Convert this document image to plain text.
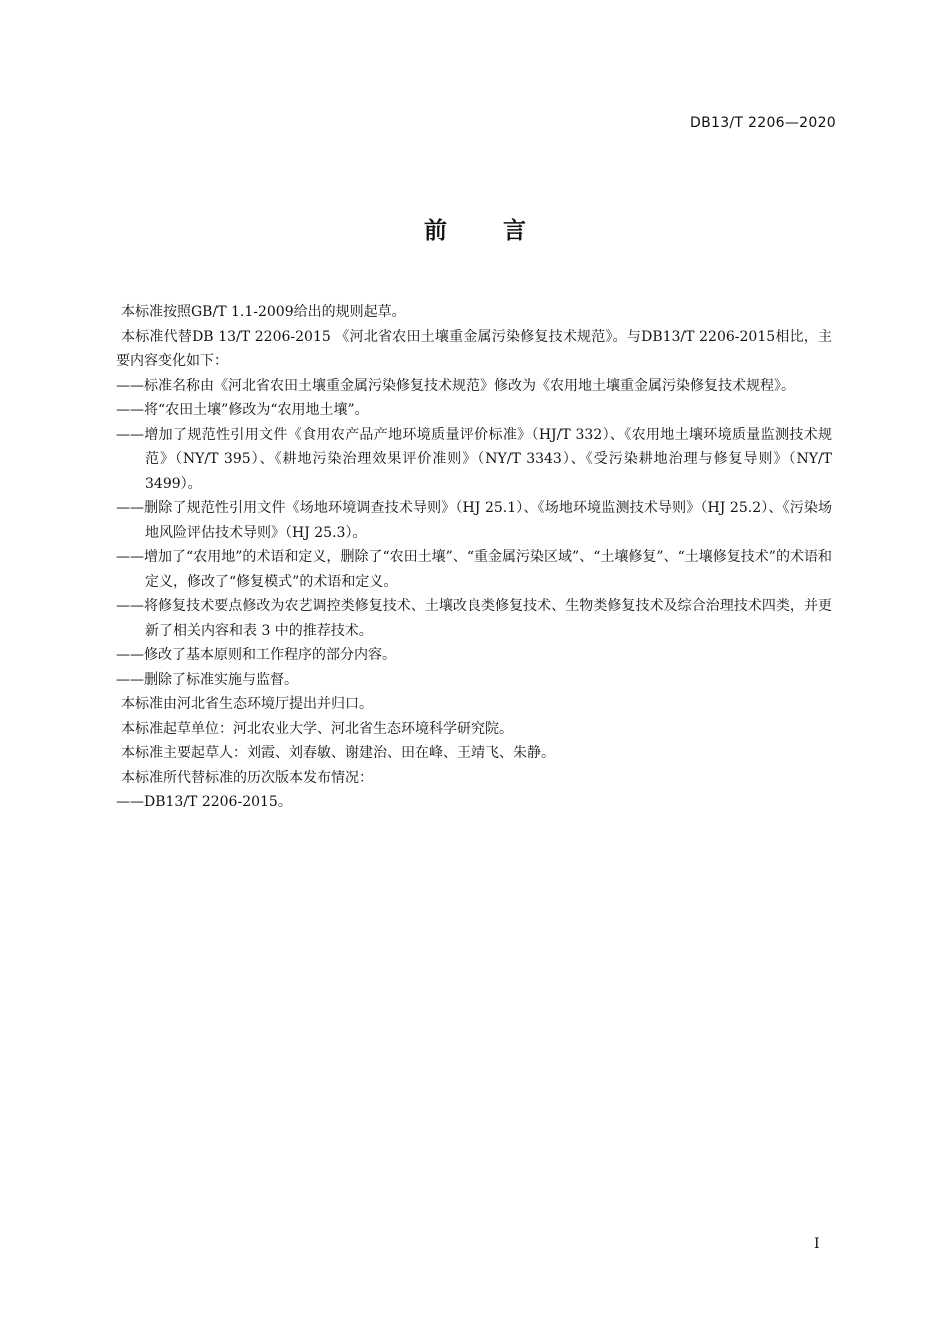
DB13/T 2206—2020
前 言

本标准按照GB/T 1.1-2009给出的规则起草。

本标准代替DB 13/T 2206-2015 《河北省农田土壤重金属污染修复技术规范》。与DB13/T 2206-2015相比，主要内容变化如下：

——标准名称由《河北省农田土壤重金属污染修复技术规范》修改为《农用地土壤重金属污染修复技术规程》。

——将“农田土壤”修改为“农用地土壤”。

——增加了规范性引用文件《食用农产品产地环境质量评价标准》（HJ/T 332）、《农用地土壤环境质量监测技术规范》（NY/T 395）、《耕地污染治理效果评价准则》（NY/T 3343）、《受污染耕地治理与修复导则》（NY/T 3499）。

——删除了规范性引用文件《场地环境调查技术导则》（HJ 25.1）、《场地环境监测技术导则》（HJ 25.2）、《污染场地风险评估技术导则》（HJ 25.3）。

——增加了“农用地”的术语和定义，删除了“农田土壤”、“重金属污染区域”、“土壤修复”、“土壤修复技术”的术语和定义，修改了“修复模式”的术语和定义。

——将修复技术要点修改为农艺调控类修复技术、土壤改良类修复技术、生物类修复技术及综合治理技术四类，并更新了相关内容和表 3 中的推荐技术。

——修改了基本原则和工作程序的部分内容。

——删除了标准实施与监督。

本标准由河北省生态环境厅提出并归口。

本标准起草单位：河北农业大学、河北省生态环境科学研究院。

本标准主要起草人：刘霞、刘春敏、谢建治、田在峰、王靖飞、朱静。

本标准所代替标准的历次版本发布情况：

——DB13/T 2206-2015。

I
